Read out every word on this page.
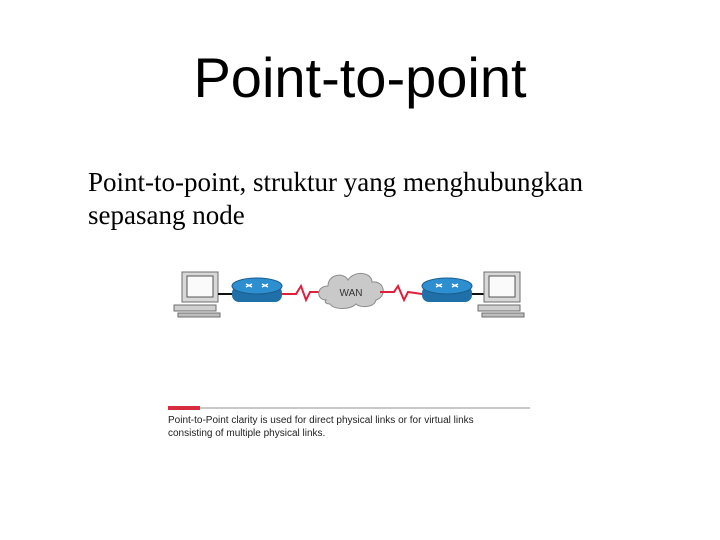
Point-to-point
Point-to-point, struktur yang menghubungkan sepasang node
WAN
Point-to-Point clarity is used for direct physical links or for virtual links consisting of multiple physical links.
